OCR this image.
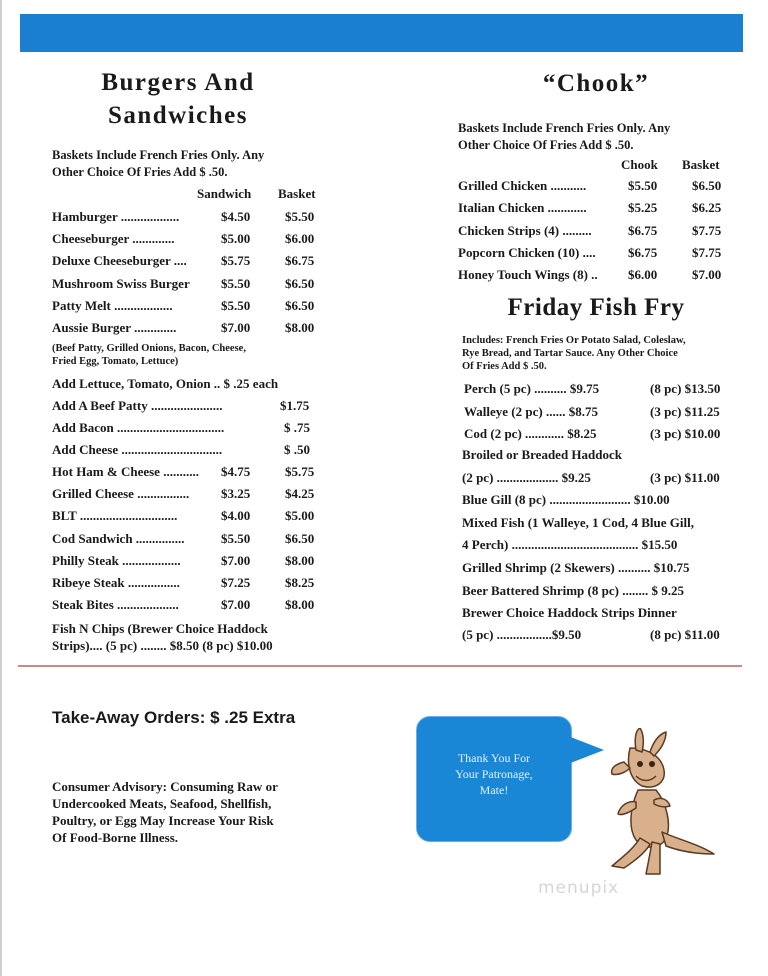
Burgers And
Sandwiches
Baskets Include French Fries Only. Any
Other Choice Of Fries Add $ .50.
Sandwich Basket
Hamburger ..................	$4.50	$5.50
Cheeseburger .............	$5.00	$6.00
Deluxe Cheeseburger ....	$5.75	$6.75
Mushroom Swiss Burger $5.50	$6.50
Patty Melt ..................	$5.50	$6.50
Aussie Burger .............	$7.00	$8.00
(Beef Patty, Grilled Onions, Bacon, Cheese,
Fried Egg, Tomato, Lettuce)
Add Lettuce, Tomato, Onion .. $ .25 each
Add A Beef Patty ......................	$1.75
Add Bacon .................................	$ .75
Add Cheese ...............................	$ .50
Hot Ham & Cheese ........... $4.75	$5.75
Grilled Cheese ................ $3.25	$4.25
BLT ..............................	$4.00	$5.00
Cod Sandwich ...............	$5.50	$6.50
Philly Steak ..................	$7.00	$8.00
Ribeye Steak ................	$7.25	$8.25
Steak Bites ...................	$7.00	$8.00
Fish N Chips (Brewer Choice Haddock
Strips).... (5 pc) ........ $8.50 (8 pc) $10.00
“Chook”
Baskets Include French Fries Only. Any
Other Choice Of Fries Add $ .50.
Chook Basket
Grilled Chicken ...........	$5.50	$6.50
Italian Chicken ............	$5.25	$6.25
Chicken Strips (4) .........	$6.75	$7.75
Popcorn Chicken (10) .... $6.75	$7.75
Honey Touch Wings (8) .. $6.00	$7.00
Friday Fish Fry
Includes: French Fries Or Potato Salad, Coleslaw,
Rye Bread, and Tartar Sauce. Any Other Choice
Of Fries Add $ .50.
Perch (5 pc) .......... $9.75	(8 pc) $13.50
Walleye (2 pc) ...... $8.75	(3 pc) $11.25
Cod (2 pc) ............ $8.25	(3 pc) $10.00
Broiled or Breaded Haddock
(2 pc) ................... $9.25	(3 pc) $11.00
Blue Gill (8 pc) ......................... $10.00
Mixed Fish (1 Walleye, 1 Cod, 4 Blue Gill,
4 Perch) ....................................... $15.50
Grilled Shrimp (2 Skewers) .......... $10.75
Beer Battered Shrimp (8 pc) ........ $ 9.25
Brewer Choice Haddock Strips Dinner
(5 pc) .................$9.50	(8 pc) $11.00
Take-Away Orders: $ .25 Extra
Consumer Advisory: Consuming Raw or
Undercooked Meats, Seafood, Shellfish,
Poultry, or Egg May Increase Your Risk
Of Food-Borne Illness.
Thank You For
Your Patronage,
Mate!
menupix
